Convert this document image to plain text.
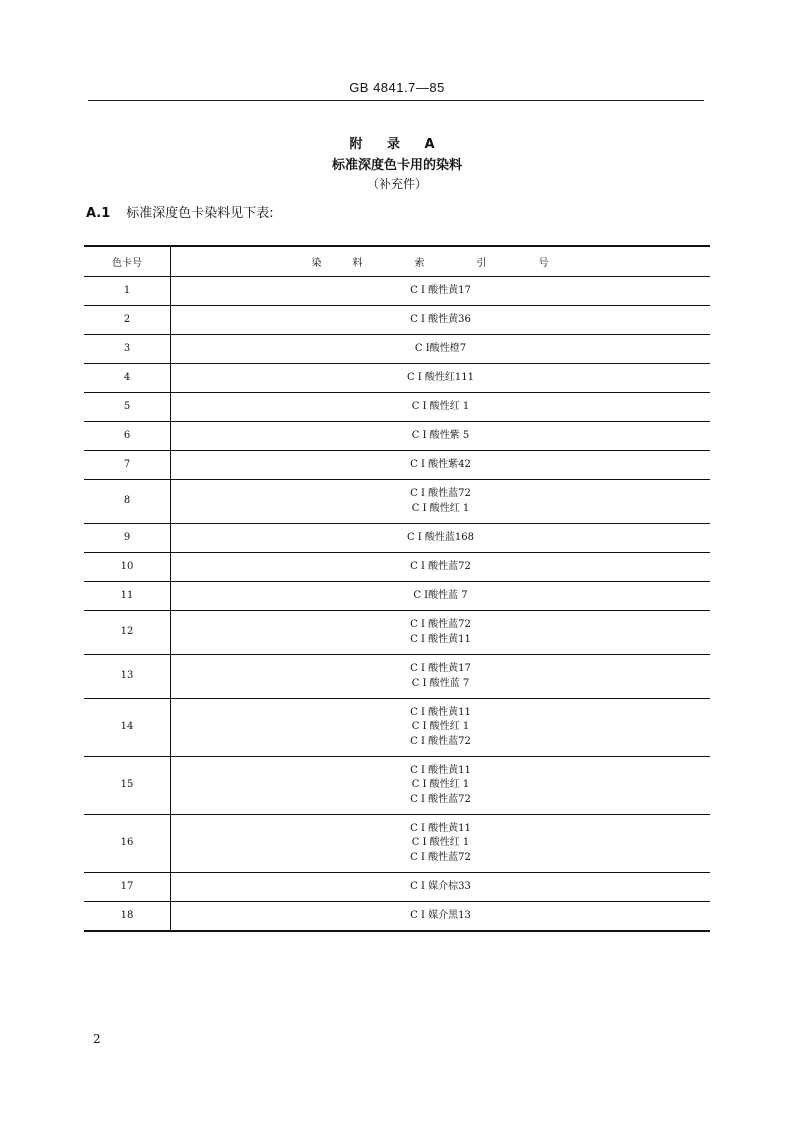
GB 4841.7—85
附 录 A
标准深度色卡用的染料
（补充件）
A.1 标准深度色卡染料见下表:
色卡号	染 料 索 引 号
1	C I 酸性黄17

2	C I 酸性黄36

3	C I酸性橙7

4	C I 酸性红111

5	C I 酸性红 1

6	C I 酸性紫 5

7	C I 酸性紫42

8	C I 酸性蓝72
C I 酸性红 1

9	C I 酸性蓝168

10	C I 酸性蓝72

11	C I酸性蓝 7

12	C I 酸性蓝72
C I 酸性黄11

13	C I 酸性黄17
C I 酸性蓝 7

14	C I 酸性黄11
C I 酸性红 1
C I 酸性蓝72

15	C I 酸性黄11
C I 酸性红 1
C I 酸性蓝72

16	C I 酸性黄11
C I 酸性红 1
C I 酸性蓝72

17	C I 媒介棕33

18	C I 媒介黑13
2
